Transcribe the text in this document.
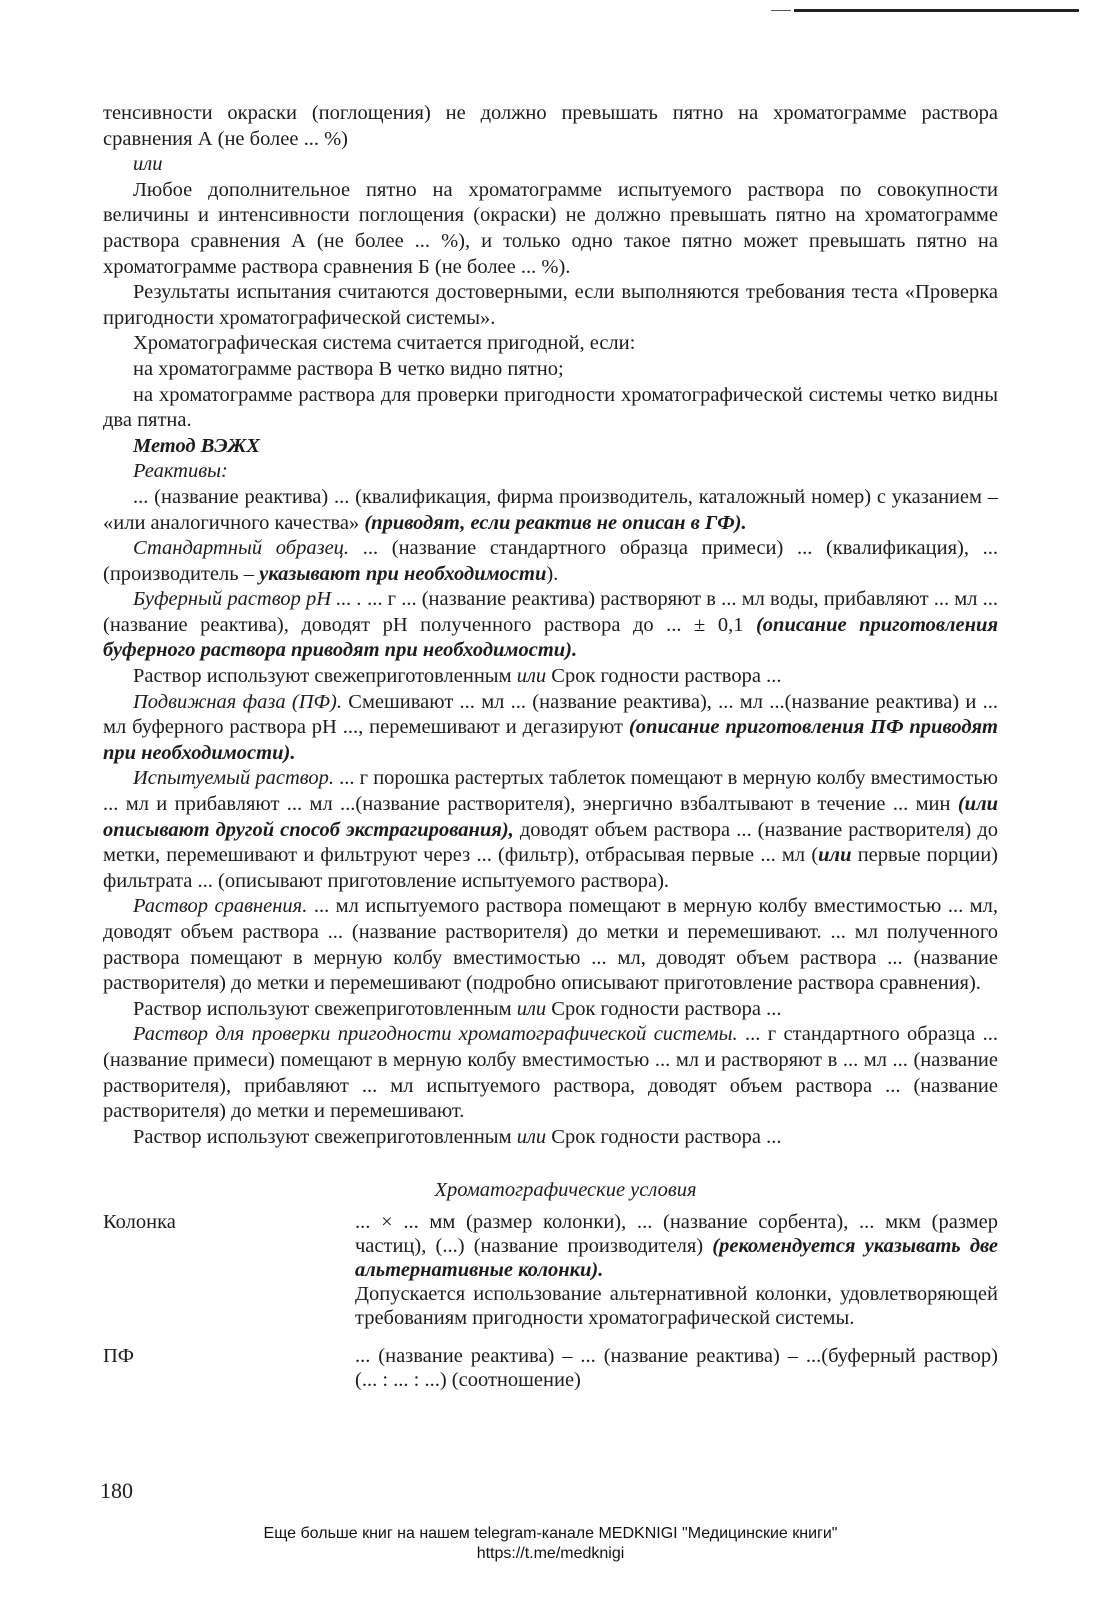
тенсивности окраски (поглощения) не должно превышать пятно на хроматограмме раствора сравнения А (не более ... %)

или

Любое дополнительное пятно на хроматограмме испытуемого раствора по совокупности величины и интенсивности поглощения (окраски) не должно превышать пятно на хроматограмме раствора сравнения А (не более ... %), и только одно такое пятно может превышать пятно на хроматограмме раствора сравнения Б (не более ... %).

Результаты испытания считаются достоверными, если выполняются требования теста «Проверка пригодности хроматографической системы».

Хроматографическая система считается пригодной, если:

на хроматограмме раствора В четко видно пятно;

на хроматограмме раствора для проверки пригодности хроматографической системы четко видны два пятна.

Метод ВЭЖХ

Реактивы:

... (название реактива) ... (квалификация, фирма производитель, каталожный номер) с указанием – «или аналогичного качества» (приводят, если реактив не описан в ГФ).

Стандартный образец. ... (название стандартного образца примеси) ... (квалификация), ... (производитель – указывают при необходимости).

Буферный раствор рН ... . ... г ... (название реактива) растворяют в ... мл воды, прибавляют ... мл ... (название реактива), доводят рН полученного раствора до ... ± 0,1 (описание приготовления буферного раствора приводят при необходимости).

Раствор используют свежеприготовленным или Срок годности раствора ...

Подвижная фаза (ПФ). Смешивают ... мл ... (название реактива), ... мл ...(название реактива) и ... мл буферного раствора рН ..., перемешивают и дегазируют (описание приготовления ПФ приводят при необходимости).

Испытуемый раствор. ... г порошка растертых таблеток помещают в мерную колбу вместимостью ... мл и прибавляют ... мл ...(название растворителя), энергично взбалтывают в течение ... мин (или описывают другой способ экстрагирования), доводят объем раствора ... (название растворителя) до метки, перемешивают и фильтруют через ... (фильтр), отбрасывая первые ... мл (или первые порции) фильтрата ... (описывают приготовление испытуемого раствора).

Раствор сравнения. ... мл испытуемого раствора помещают в мерную колбу вместимостью ... мл, доводят объем раствора ... (название растворителя) до метки и перемешивают. ... мл полученного раствора помещают в мерную колбу вместимостью ... мл, доводят объем раствора ... (название растворителя) до метки и перемешивают (подробно описывают приготовление раствора сравнения).

Раствор используют свежеприготовленным или Срок годности раствора ...

Раствор для проверки пригодности хроматографической системы. ... г стандартного образца ... (название примеси) помещают в мерную колбу вместимостью ... мл и растворяют в ... мл ... (название растворителя), прибавляют ... мл испытуемого раствора, доводят объем раствора ... (название растворителя) до метки и перемешивают.

Раствор используют свежеприготовленным или Срок годности раствора ...

Хроматографические условия

Колонка	... × ... мм (размер колонки), ... (название сорбента), ... мкм (размер частиц), (...) (название производителя) (рекомендуется указывать две альтернативные колонки).

Допускается использование альтернативной колонки, удовлетворяющей требованиям пригодности хроматографической системы.

ПФ	... (название реактива) – ... (название реактива) – ...(буферный раствор) (... : ... : ...) (соотношение)

180
Еще больше книг на нашем telegram-канале MEDKNIGI "Медицинские книги"
https://t.me/medknigi
